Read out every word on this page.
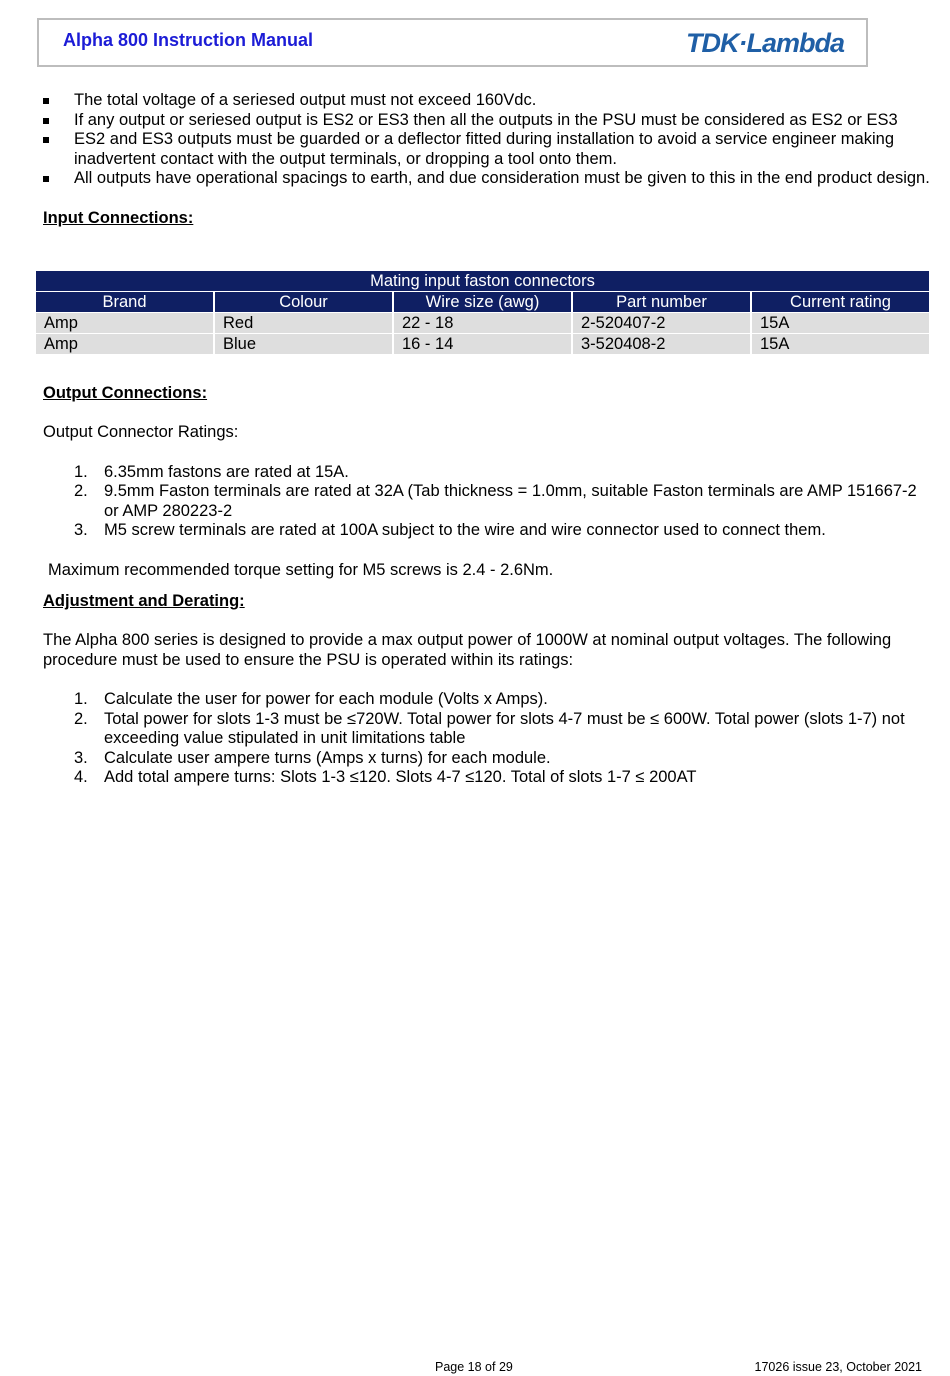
Alpha 800 Instruction Manual	TDK·Lambda
The total voltage of a seriesed output must not exceed 160Vdc.
If any output or seriesed output is ES2 or ES3 then all the outputs in the PSU must be considered as ES2 or ES3
ES2 and ES3 outputs must be guarded or a deflector fitted during installation to avoid a service engineer making inadvertent contact with the output terminals, or dropping a tool onto them.
All outputs have operational spacings to earth, and due consideration must be given to this in the end product design.
Input Connections:
Output Connections:
Output Connector Ratings:
1. 6.35mm fastons are rated at 15A.
2. 9.5mm Faston terminals are rated at 32A (Tab thickness = 1.0mm, suitable Faston terminals are AMP 151667-2 or AMP 280223-2
3. M5 screw terminals are rated at 100A subject to the wire and wire connector used to connect them.
Maximum recommended torque setting for M5 screws is 2.4 - 2.6Nm.
Adjustment and Derating:
The Alpha 800 series is designed to provide a max output power of 1000W at nominal output voltages. The following procedure must be used to ensure the PSU is operated within its ratings:
1. Calculate the user for power for each module (Volts x Amps).
2. Total power for slots 1-3 must be ≤720W. Total power for slots 4-7 must be ≤ 600W. Total power (slots 1-7) not exceeding value stipulated in unit limitations table
3. Calculate user ampere turns (Amps x turns) for each module.
4. Add total ampere turns: Slots 1-3 ≤120. Slots 4-7 ≤120. Total of slots 1-7 ≤ 200AT
Mating input faston connectors				
Brand	Colour	Wire size (awg)	Part number	Current rating
Amp	Red	22 - 18	2-520407-2	15A
Amp	Blue	16 - 14	3-520408-2	15A
Page 18 of 29	17026 issue 23, October 2021
